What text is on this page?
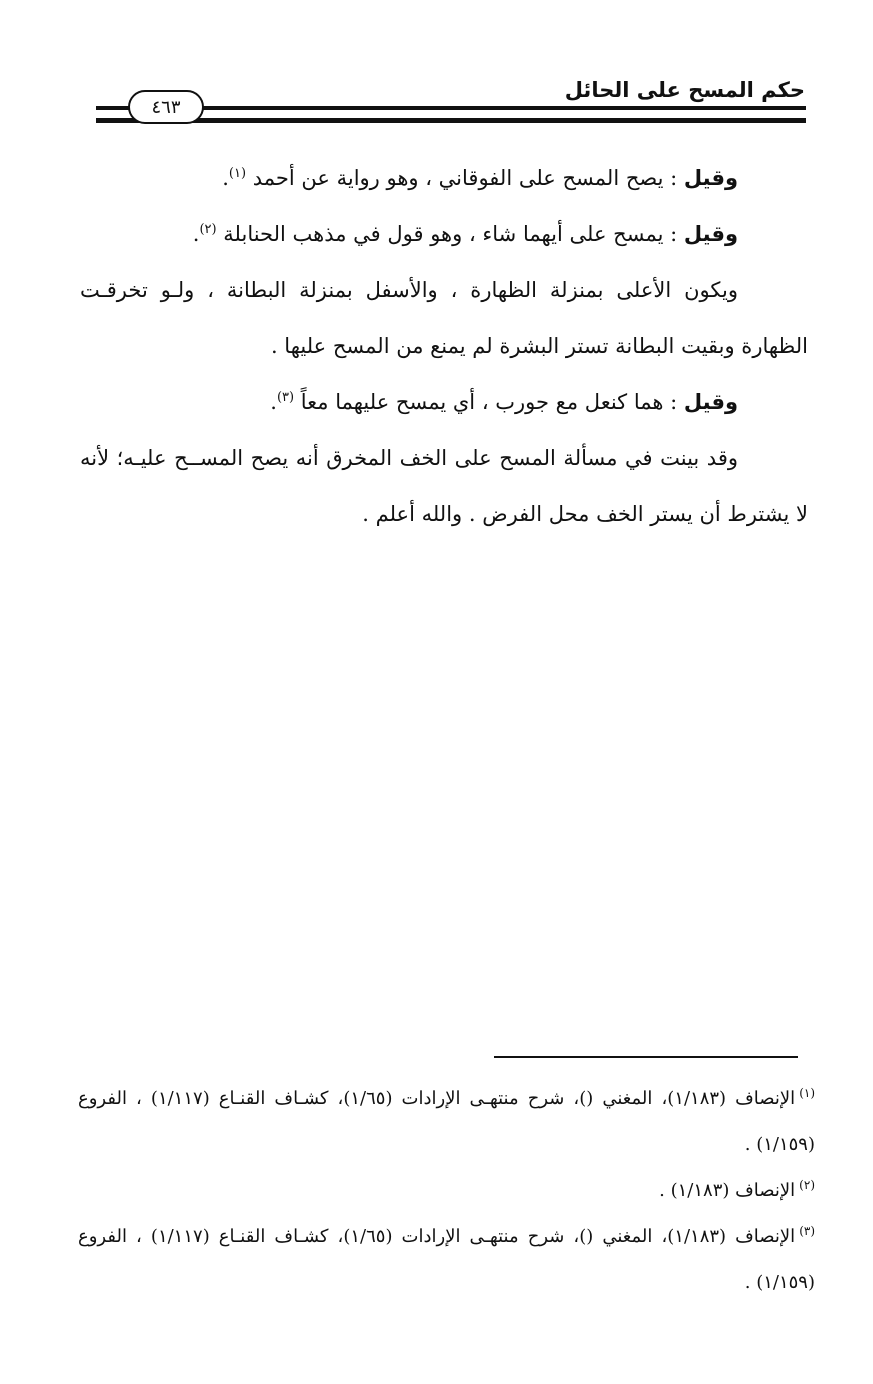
حكم المسح على الحائل
٤٦٣

وقيل : يصح المسح على الفوقاني ، وهو رواية عن أحمد $^{(١)}$.

وقيل : يمسح على أيهما شاء ، وهو قول في مذهب الحنابلة $^{(٢)}$.

ويكون الأعلى بمنزلة الظهارة ، والأسفل بمنزلة البطانة ، ولـو تخرقـت الظهارة وبقيت البطانة تستر البشرة لم يمنع من المسح عليها .

وقيل : هما كنعل مع جورب ، أي يمسح عليهما معاً $^{(٣)}$.

وقد بينت في مسألة المسح على الخف المخرق أنه يصح المســح عليـه؛ لأنه لا يشترط أن يستر الخف محل الفرض . والله أعلم .

$^{(١)}$الإنصاف (١/١٨٣)، المغني ()، شرح منتهـى الإرادات (١/٦٥)، كشـاف القنـاع (١/١١٧) ، الفروع (١/١٥٩) .

$^{(٢)}$الإنصاف (١/١٨٣) .

$^{(٣)}$الإنصاف (١/١٨٣)، المغني ()، شرح منتهـى الإرادات (١/٦٥)، كشـاف القنـاع (١/١١٧) ، الفروع (١/١٥٩) .
